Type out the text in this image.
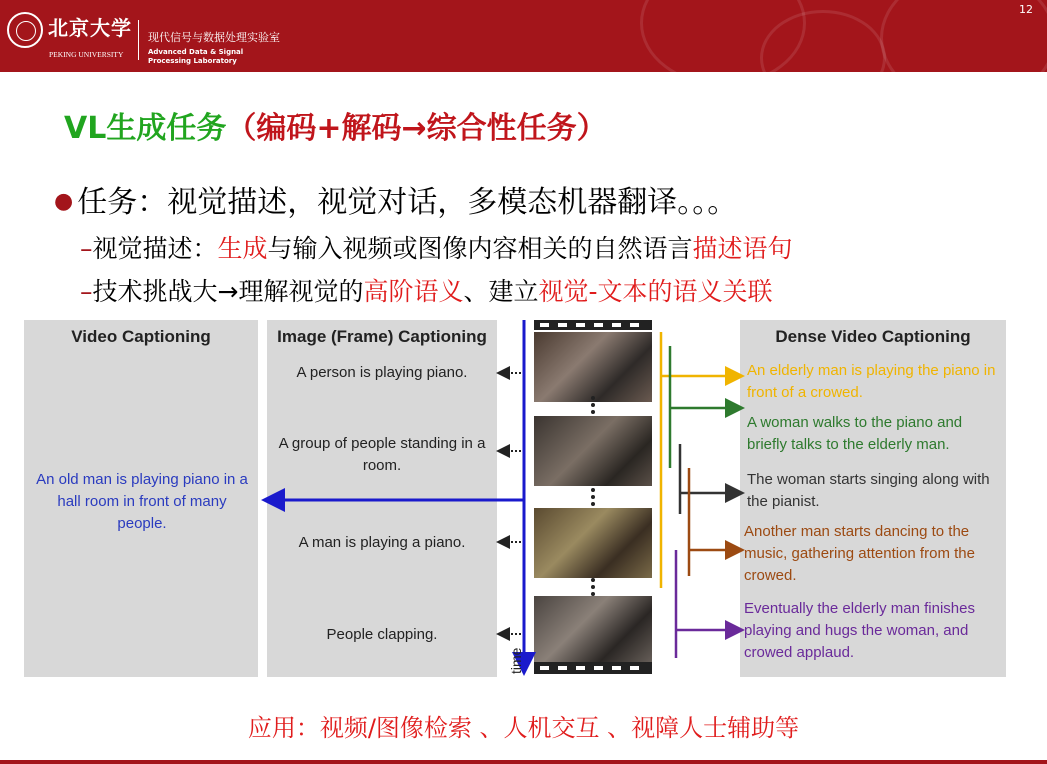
北京大学
PEKING UNIVERSITY
现代信号与数据处理实验室
Advanced Data & Signal Processing Laboratory
12
VL生成任务（编码+解码→综合性任务）
● 任务：视觉描述，视觉对话，多模态机器翻译。。。
–视觉描述：生成与输入视频或图像内容相关的自然语言描述语句
–技术挑战大→理解视觉的高阶语义、建立视觉-文本的语义关联
Video Captioning	Image (Frame) Captioning	Dense Video Captioning
An old man is playing piano in a hall room in front of many people.
A person is playing piano.
A group of people standing in a room.
A man is playing a piano.
People clapping.
An elderly man is playing the piano in front of a crowed.
A woman walks to the piano and briefly talks to the elderly man.
The woman starts singing along with the pianist.
Another man starts dancing to the music, gathering attention from the crowed.
Eventually the elderly man finishes playing and hugs the woman, and crowed applaud.
time
应用：视频/图像检索 、人机交互 、视障人士辅助等
